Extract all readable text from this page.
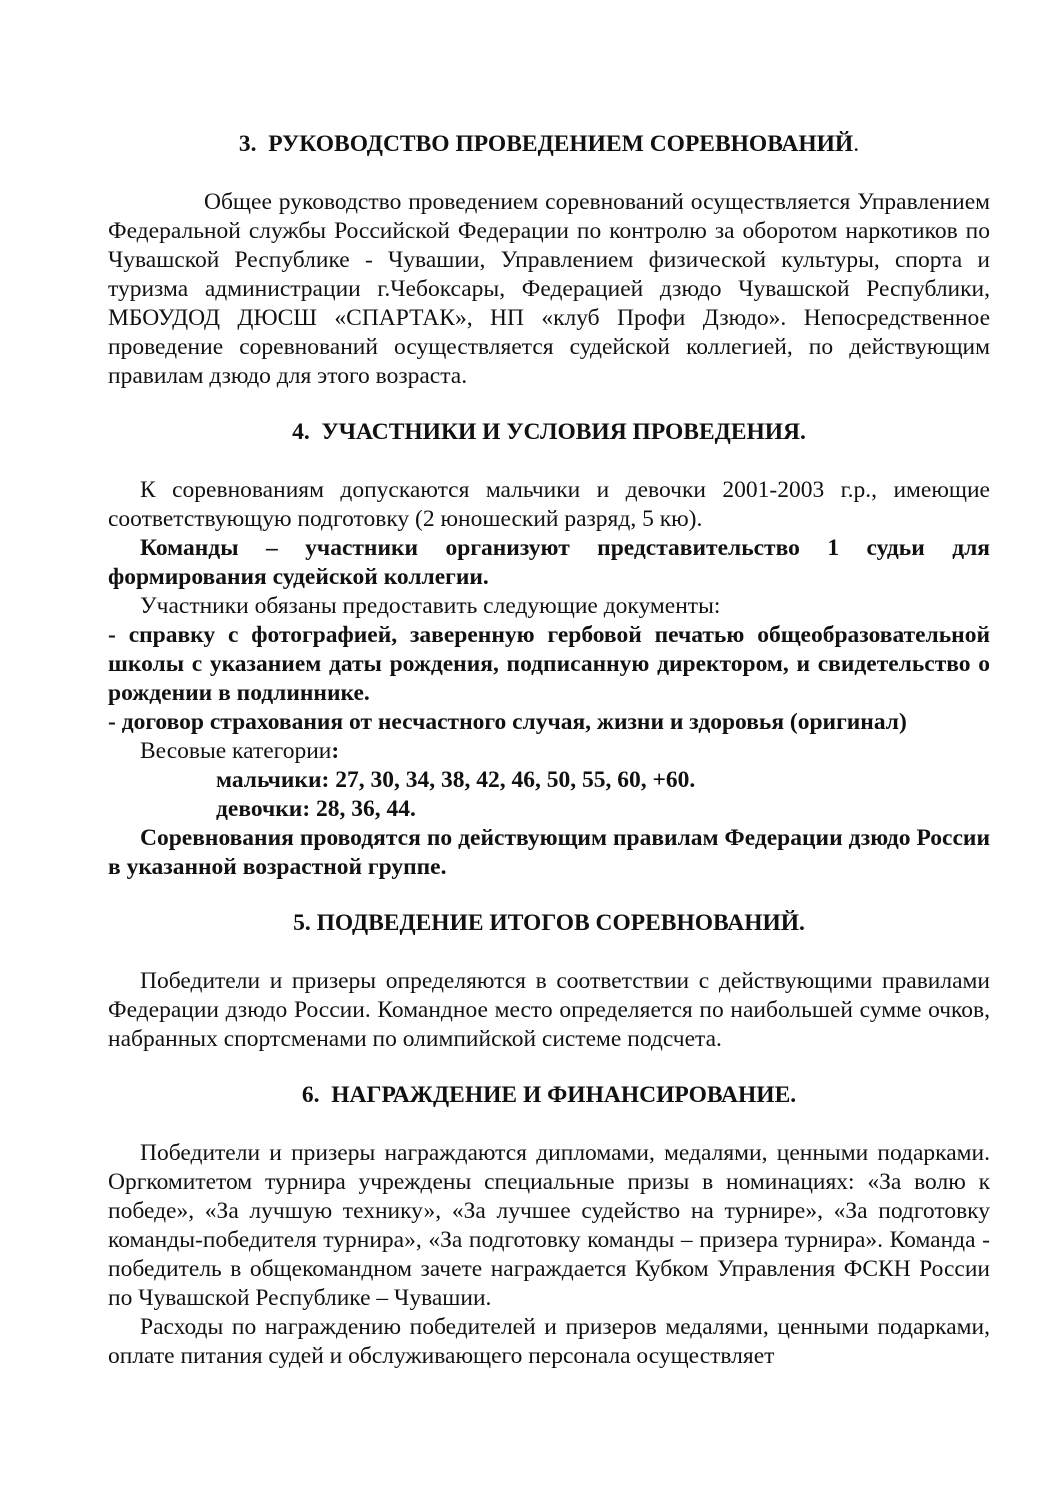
3. РУКОВОДСТВО ПРОВЕДЕНИЕМ СОРЕВНОВАНИЙ.

Общее руководство проведением соревнований осуществляется Управлением Федеральной службы Российской Федерации по контролю за оборотом наркотиков по Чувашской Республике - Чувашии, Управлением физической культуры, спорта и туризма администрации г.Чебоксары, Федерацией дзюдо Чувашской Республики, МБОУДОД ДЮСШ «СПАРТАК», НП «клуб Профи Дзюдо». Непосредственное проведение соревнований осуществляется судейской коллегией, по действующим правилам дзюдо для этого возраста.

4. УЧАСТНИКИ И УСЛОВИЯ ПРОВЕДЕНИЯ.

К соревнованиям допускаются мальчики и девочки 2001-2003 г.р., имеющие соответствующую подготовку (2 юношеский разряд, 5 кю).

Команды – участники организуют представительство 1 судьи для формирования судейской коллегии.

Участники обязаны предоставить следующие документы:

- справку с фотографией, заверенную гербовой печатью общеобразовательной школы с указанием даты рождения, подписанную директором, и свидетельство о рождении в подлиннике.

- договор страхования от несчастного случая, жизни и здоровья (оригинал)

Весовые категории:

мальчики: 27, 30, 34, 38, 42, 46, 50, 55, 60, +60.

девочки: 28, 36, 44.

Соревнования проводятся по действующим правилам Федерации дзюдо России в указанной возрастной группе.

5. ПОДВЕДЕНИЕ ИТОГОВ СОРЕВНОВАНИЙ.

Победители и призеры определяются в соответствии с действующими правилами Федерации дзюдо России. Командное место определяется по наибольшей сумме очков, набранных спортсменами по олимпийской системе подсчета.

6. НАГРАЖДЕНИЕ И ФИНАНСИРОВАНИЕ.

Победители и призеры награждаются дипломами, медалями, ценными подарками. Оргкомитетом турнира учреждены специальные призы в номинациях: «За волю к победе», «За лучшую технику», «За лучшее судейство на турнире», «За подготовку команды-победителя турнира», «За подготовку команды – призера турнира». Команда - победитель в общекомандном зачете награждается Кубком Управления ФСКН России по Чувашской Республике – Чувашии.

Расходы по награждению победителей и призеров медалями, ценными подарками, оплате питания судей и обслуживающего персонала осуществляет
